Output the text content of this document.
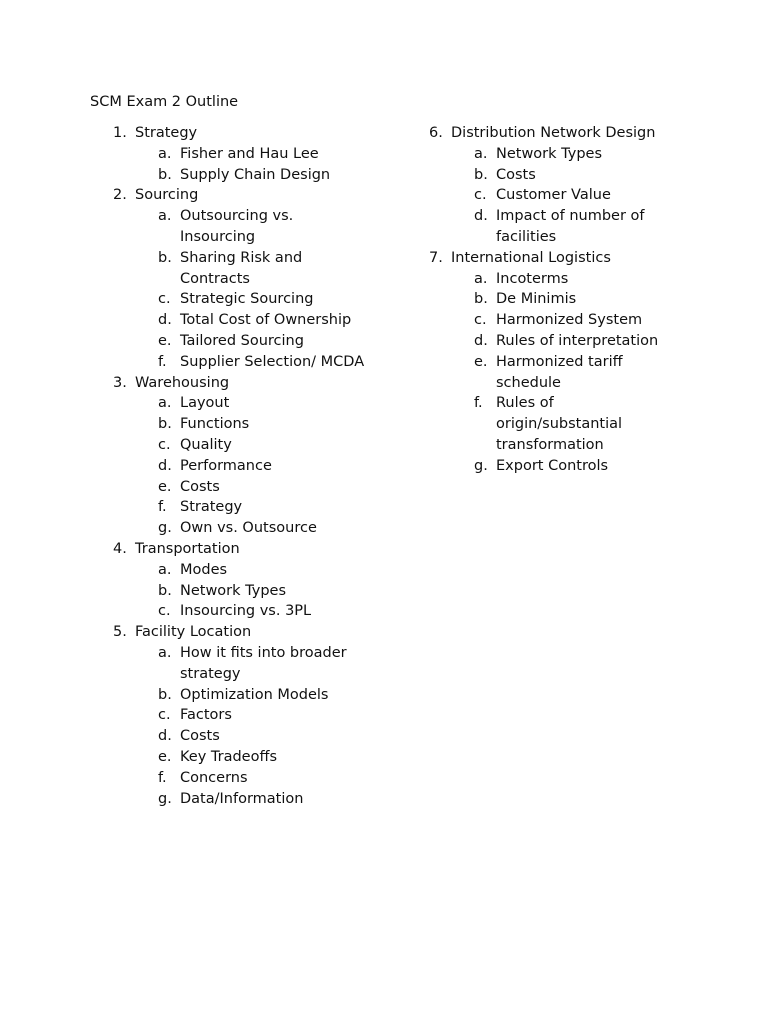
SCM Exam 2 Outline
1. Strategy
a. Fisher and Hau Lee
b. Supply Chain Design
2. Sourcing
a. Outsourcing vs. Insourcing
b. Sharing Risk and Contracts
c. Strategic Sourcing
d. Total Cost of Ownership
e. Tailored Sourcing
f. Supplier Selection/ MCDA
3. Warehousing
a. Layout
b. Functions
c. Quality
d. Performance
e. Costs
f. Strategy
g. Own vs. Outsource
4. Transportation
a. Modes
b. Network Types
c. Insourcing vs. 3PL
5. Facility Location
a. How it fits into broader strategy
b. Optimization Models
c. Factors
d. Costs
e. Key Tradeoffs
f. Concerns
g. Data/Information
6. Distribution Network Design
a. Network Types
b. Costs
c. Customer Value
d. Impact of number of facilities
7. International Logistics
a. Incoterms
b. De Minimis
c. Harmonized System
d. Rules of interpretation
e. Harmonized tariff schedule
f. Rules of origin/substantial transformation
g. Export Controls
